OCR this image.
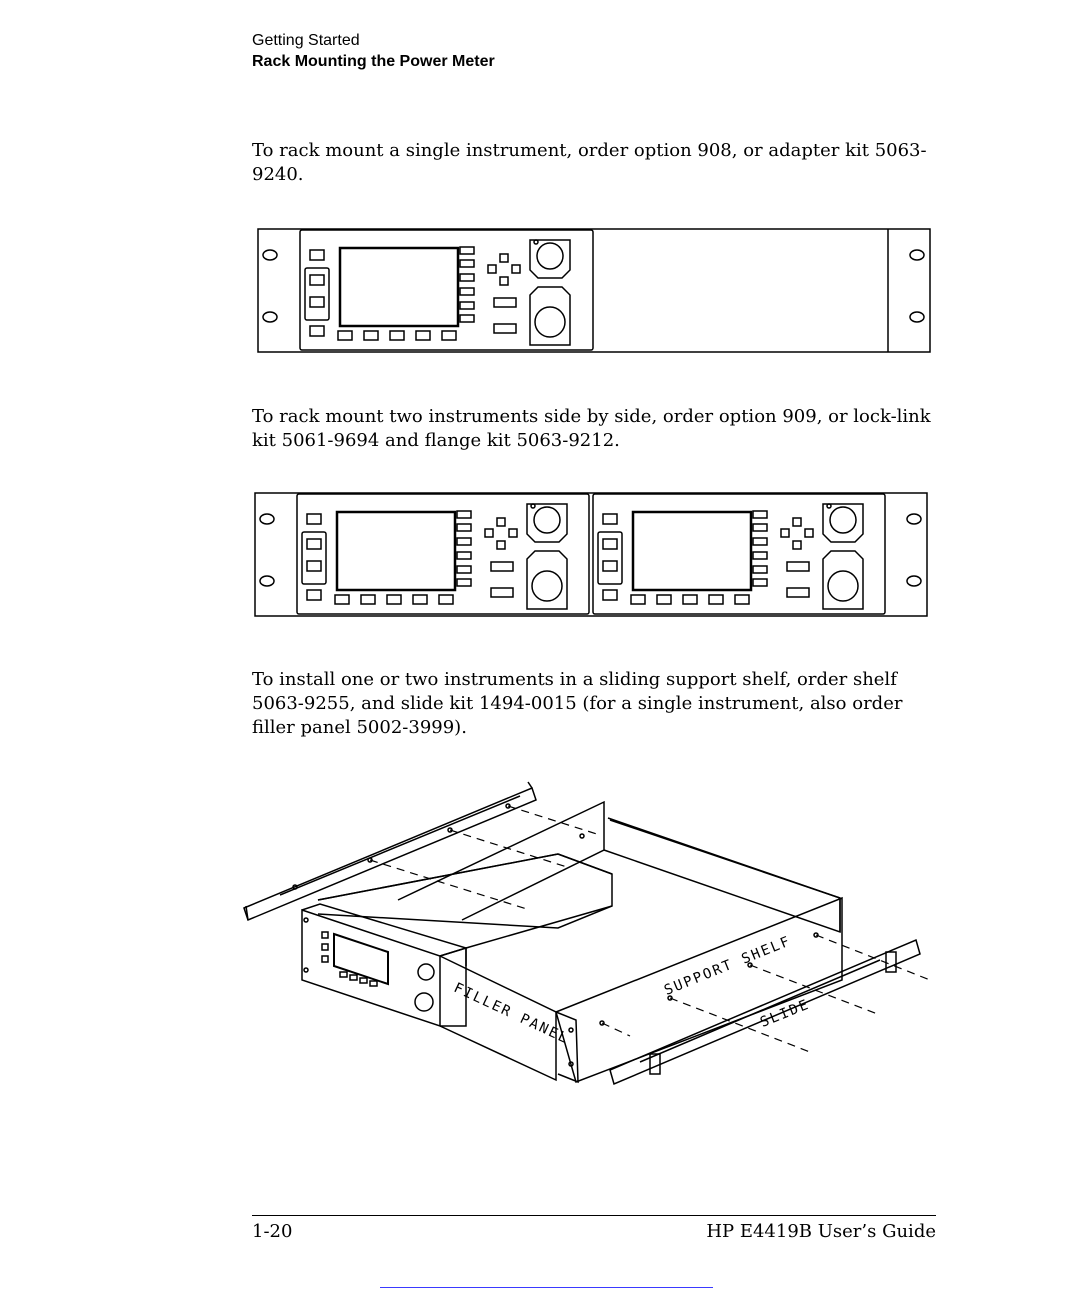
Getting Started
Rack Mounting the Power Meter

To rack mount a single instrument, order option 908, or adapter kit 5063-9240.

To rack mount two instruments side by side, order option 909, or lock-link kit 5061-9694 and flange kit 5063-9212.

To install one or two instruments in a sliding support shelf, order shelf 5063-9255, and slide kit 1494-0015 (for a single instrument, also order filler panel 5002-3999).

FILLER PANEL
SUPPORT SHELF
SLIDE
1-20	HP E4419B User’s Guide
